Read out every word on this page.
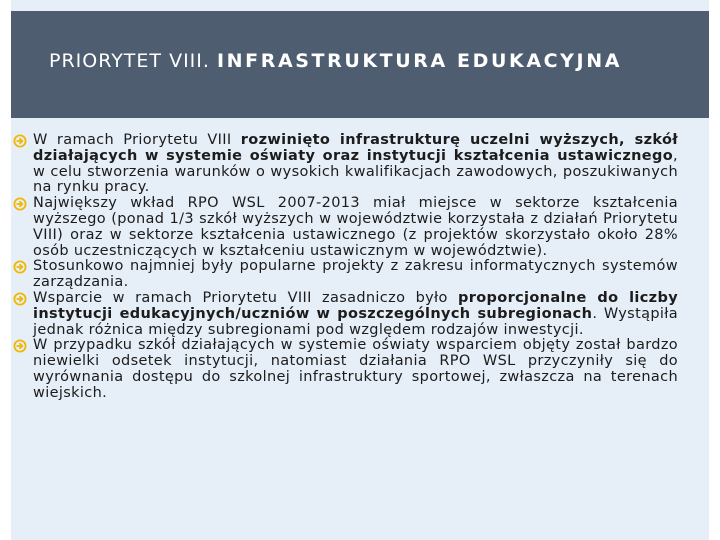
PRIORYTET VIII. INFRASTRUKTURA EDUKACYJNA

W ramach Priorytetu VIII rozwinięto infrastrukturę uczelni wyższych, szkół działających w systemie oświaty oraz instytucji kształcenia ustawicznego, w celu stworzenia warunków o wysokich kwalifikacjach zawodowych, poszukiwanych na rynku pracy.

Największy wkład RPO WSL 2007-2013 miał miejsce w sektorze kształcenia wyższego (ponad 1/3 szkół wyższych w województwie korzystała z działań Priorytetu VIII) oraz w sektorze kształcenia ustawicznego (z projektów skorzystało około 28% osób uczestniczących w kształceniu ustawicznym w województwie).

Stosunkowo najmniej były popularne projekty z zakresu informatycznych systemów zarządzania.

Wsparcie w ramach Priorytetu VIII zasadniczo było proporcjonalne do liczby instytucji edukacyjnych/uczniów w poszczególnych subregionach. Wystąpiła jednak różnica między subregionami pod względem rodzajów inwestycji.

W przypadku szkół działających w systemie oświaty wsparciem objęty został bardzo niewielki odsetek instytucji, natomiast działania RPO WSL przyczyniły się do wyrównania dostępu do szkolnej infrastruktury sportowej, zwłaszcza na terenach wiejskich.
